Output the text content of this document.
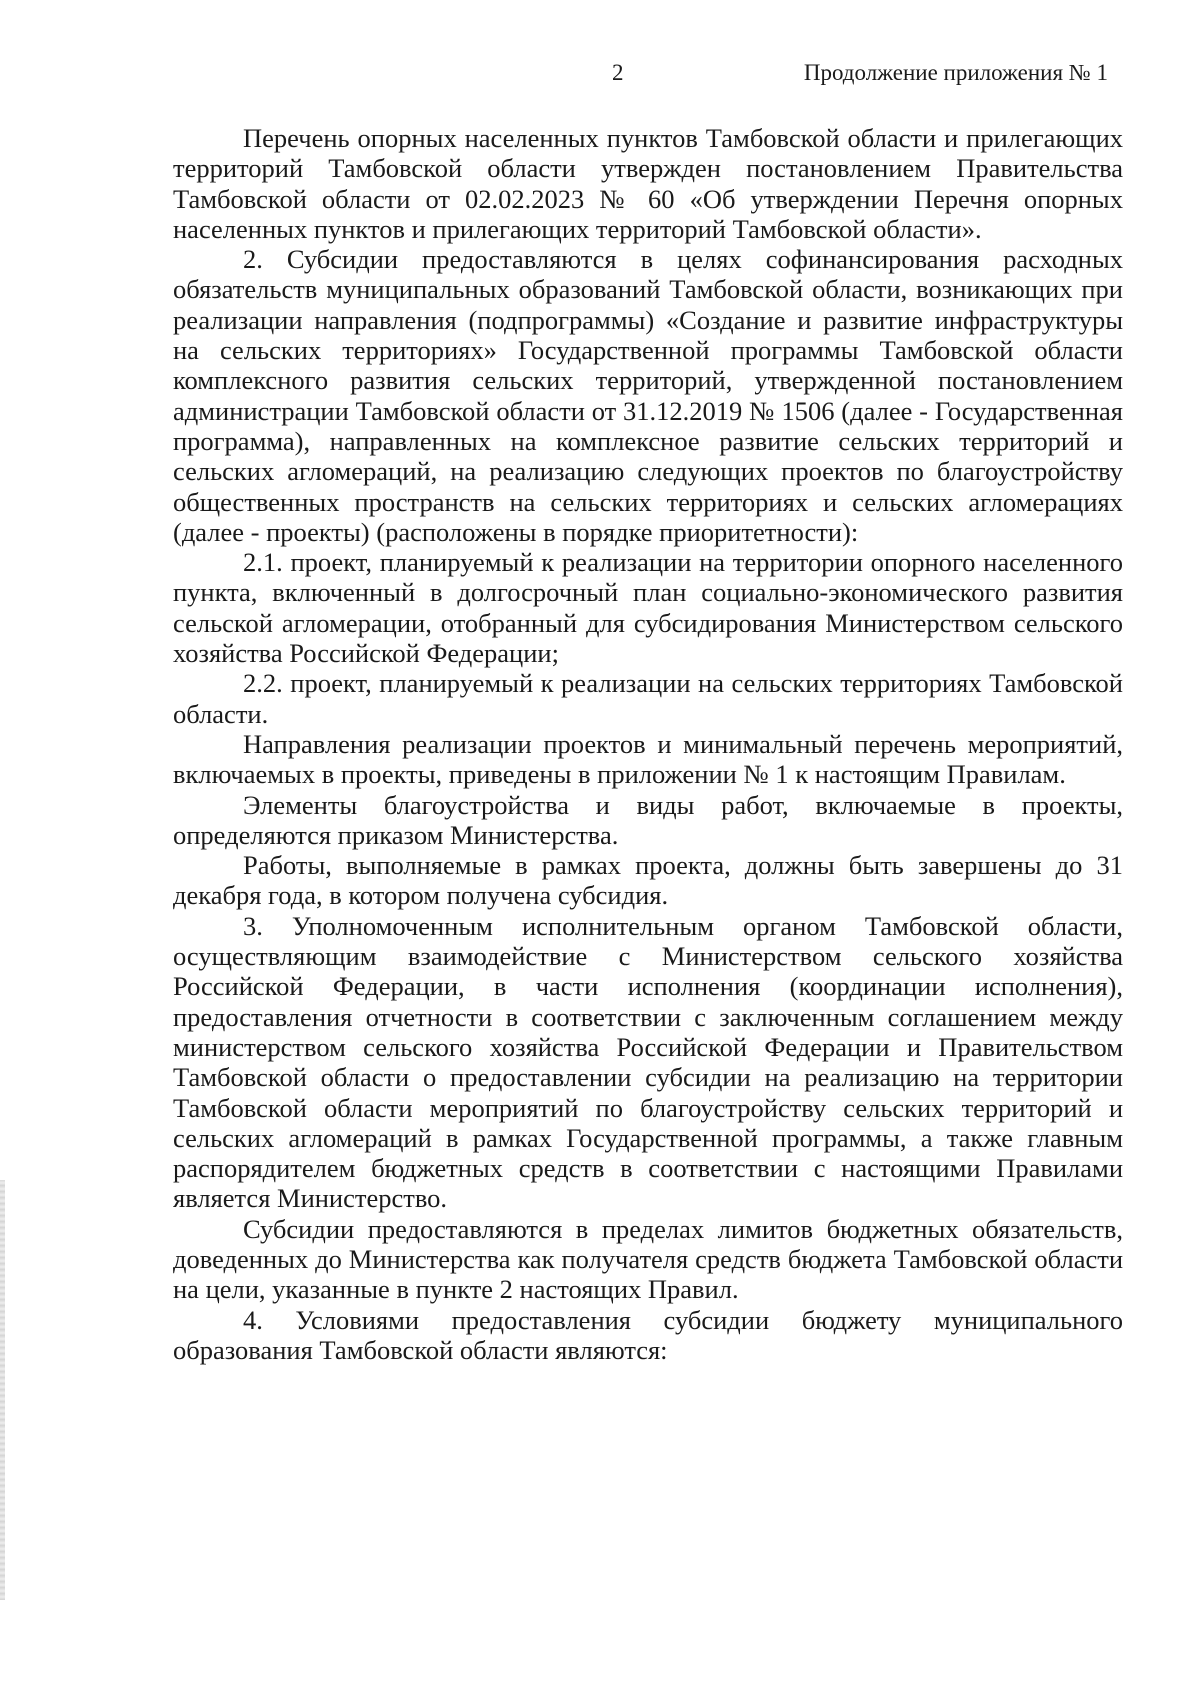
2	Продолжение приложения № 1

Перечень опорных населенных пунктов Тамбовской области и прилегающих территорий Тамбовской области утвержден постановлением Правительства Тамбовской области от 02.02.2023 № 60 «Об утверждении Перечня опорных населенных пунктов и прилегающих территорий Тамбовской области».

2. Субсидии предоставляются в целях софинансирования расходных обязательств муниципальных образований Тамбовской области, возникающих при реализации направления (подпрограммы) «Создание и развитие инфраструктуры на сельских территориях» Государственной программы Тамбовской области комплексного развития сельских территорий, утвержденной постановлением администрации Тамбовской области от 31.12.2019 № 1506 (далее - Государственная программа), направленных на комплексное развитие сельских территорий и сельских агломераций, на реализацию следующих проектов по благоустройству общественных пространств на сельских территориях и сельских агломерациях (далее - проекты) (расположены в порядке приоритетности):

2.1. проект, планируемый к реализации на территории опорного населенного пункта, включенный в долгосрочный план социально-экономического развития сельской агломерации, отобранный для субсидирования Министерством сельского хозяйства Российской Федерации;

2.2. проект, планируемый к реализации на сельских территориях Тамбовской области.

Направления реализации проектов и минимальный перечень мероприятий, включаемых в проекты, приведены в приложении № 1 к настоящим Правилам.

Элементы благоустройства и виды работ, включаемые в проекты, определяются приказом Министерства.

Работы, выполняемые в рамках проекта, должны быть завершены до 31 декабря года, в котором получена субсидия.

3. Уполномоченным исполнительным органом Тамбовской области, осуществляющим взаимодействие с Министерством сельского хозяйства Российской Федерации, в части исполнения (координации исполнения), предоставления отчетности в соответствии с заключенным соглашением между министерством сельского хозяйства Российской Федерации и Правительством Тамбовской области о предоставлении субсидии на реализацию на территории Тамбовской области мероприятий по благоустройству сельских территорий и сельских агломераций в рамках Государственной программы, а также главным распорядителем бюджетных средств в соответствии с настоящими Правилами является Министерство.

Субсидии предоставляются в пределах лимитов бюджетных обязательств, доведенных до Министерства как получателя средств бюджета Тамбовской области на цели, указанные в пункте 2 настоящих Правил.

4. Условиями предоставления субсидии бюджету муниципального образования Тамбовской области являются:
